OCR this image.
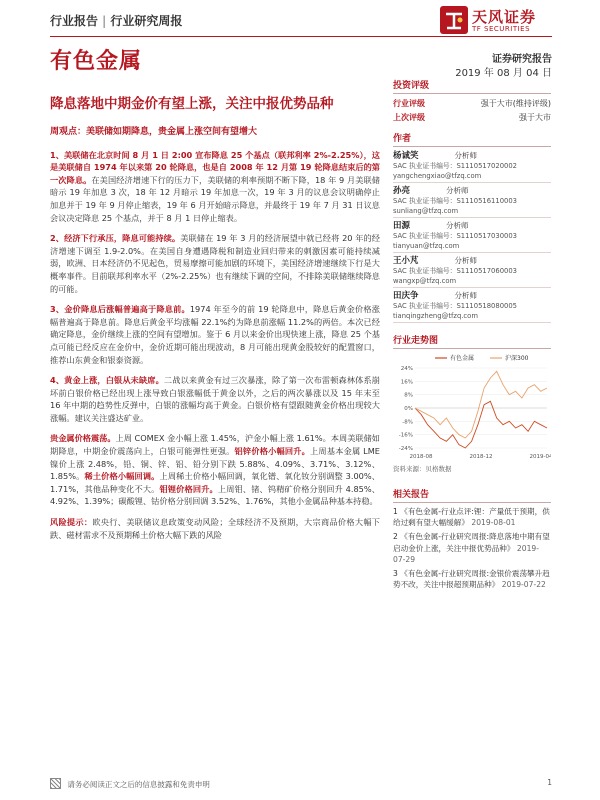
行业报告 | 行业研究周报	天风证券
TF SECURITIES
有色金属	证券研究报告
2019 年 08 月 04 日
降息落地中期金价有望上涨，关注中报优势品种

周观点：美联储如期降息，贵金属上涨空间有望增大

1、美联储在北京时间 8 月 1 日 2:00 宣布降息 25 个基点（联邦利率 2%-2.25%），这是美联储自 1974 年以来第 20 轮降息，也是自 2008 年 12 月第 19 轮降息结束后的第一次降息。在美国经济增速下行的压力下，美联储的利率预期不断下降，18 年 9 月美联储暗示 19 年加息 3 次，18 年 12 月暗示 19 年加息一次，19 年 3 月的议息会议明确停止加息并于 19 年 9 月停止缩表，19 年 6 月开始暗示降息，并最终于 19 年 7 月 31 日议息会议决定降息 25 个基点，并于 8 月 1 日停止缩表。

2、经济下行承压，降息可能持续。美联储在 19 年 3 月的经济展望中就已经将 20 年的经济增速下调至 1.9-2.0%。在美国自身遭遇降税和制造业回归带来的刺激因素可能持续减弱，欧洲、日本经济仍不见起色，贸易摩擦可能加剧的环境下，美国经济增速继续下行是大概率事件。目前联邦利率水平（2%-2.25%）也有继续下调的空间，不排除美联储继续降息的可能。

3、金价降息后涨幅普遍高于降息前。1974 年至今的前 19 轮降息中，降息后黄金价格涨幅普遍高于降息前。降息后黄金平均涨幅 22.1%约为降息前涨幅 11.2%的两倍。本次已经确定降息，金价继续上涨的空间有望增加。鉴于 6 月以来金价出现快速上涨，降息 25 个基点可能已经反应在金价中，金价近期可能出现波动，8 月可能出现黄金股较好的配置窗口，推荐山东黄金和银泰资源。

4、黄金上涨，白银从未缺席。二战以来黄金有过三次暴涨，除了第一次布雷顿森林体系崩坏前白银价格已经出现上涨导致白银涨幅低于黄金以外，之后的两次暴涨以及 15 年末至 16 年中期的趋势性反弹中，白银的涨幅均高于黄金。白银价格有望跟随黄金价格出现较大涨幅。建议关注盛达矿业。

贵金属价格震荡。上周 COMEX 金小幅上涨 1.45%，沪金小幅上涨 1.61%。本周美联储如期降息，中期金价震荡向上，白银可能弹性更强。铝锌价格小幅回升。上周基本金属 LME 镍价上涨 2.48%，铅、铜、锌、铝、铅分别下跌 5.88%、4.09%、3.71%、3.12%、1.85%。稀土价格小幅回调。上周稀土价格小幅回调，氧化镨、氧化钕分别调整 3.00%、1.71%，其他品种变化不大。钼锂价格回升。上周钼、锗、钨精矿价格分别回升 4.85%、4.92%、1.39%；碳酸锂、钴价格分别回调 3.52%、1.76%，其他小金属品种基本持稳。

风险提示：欧央行、美联储议息政策变动风险；全球经济不及预期，大宗商品价格大幅下跌、磁材需求不及预期稀土价格大幅下跌的风险

投资评级
行业评级	强于大市(维持评级)
上次评级	强于大市
作者
杨诚笑	分析师
SAC 执业证书编号：S1110517020002
yangchengxiao@tfzq.com
孙亮	分析师
SAC 执业证书编号：S1110516110003
sunliang@tfzq.com
田源	分析师
SAC 执业证书编号：S1110517030003
tianyuan@tfzq.com
王小芃	分析师
SAC 执业证书编号：S1110517060003
wangxp@tfzq.com
田庆争	分析师
SAC 执业证书编号：S1110518080005
tianqingzheng@tfzq.com
行业走势图
-24%
-16%
-8%
0%
8%
16%
24%
2018-08	2018-12	2019-04
有色金属	沪深300
资料来源：贝格数据
相关报告
1 《有色金属-行业点评:锂：产量低于预期，供给过剩有望大幅缓解》 2019-08-01
2 《有色金属-行业研究周报:降息落地中期有望启动金价上涨，关注中报优势品种》 2019-07-29
3 《有色金属-行业研究周报:金银价震荡攀升趋势不改，关注中报超预期品种》 2019-07-22
请务必阅读正文之后的信息披露和免责申明	1
